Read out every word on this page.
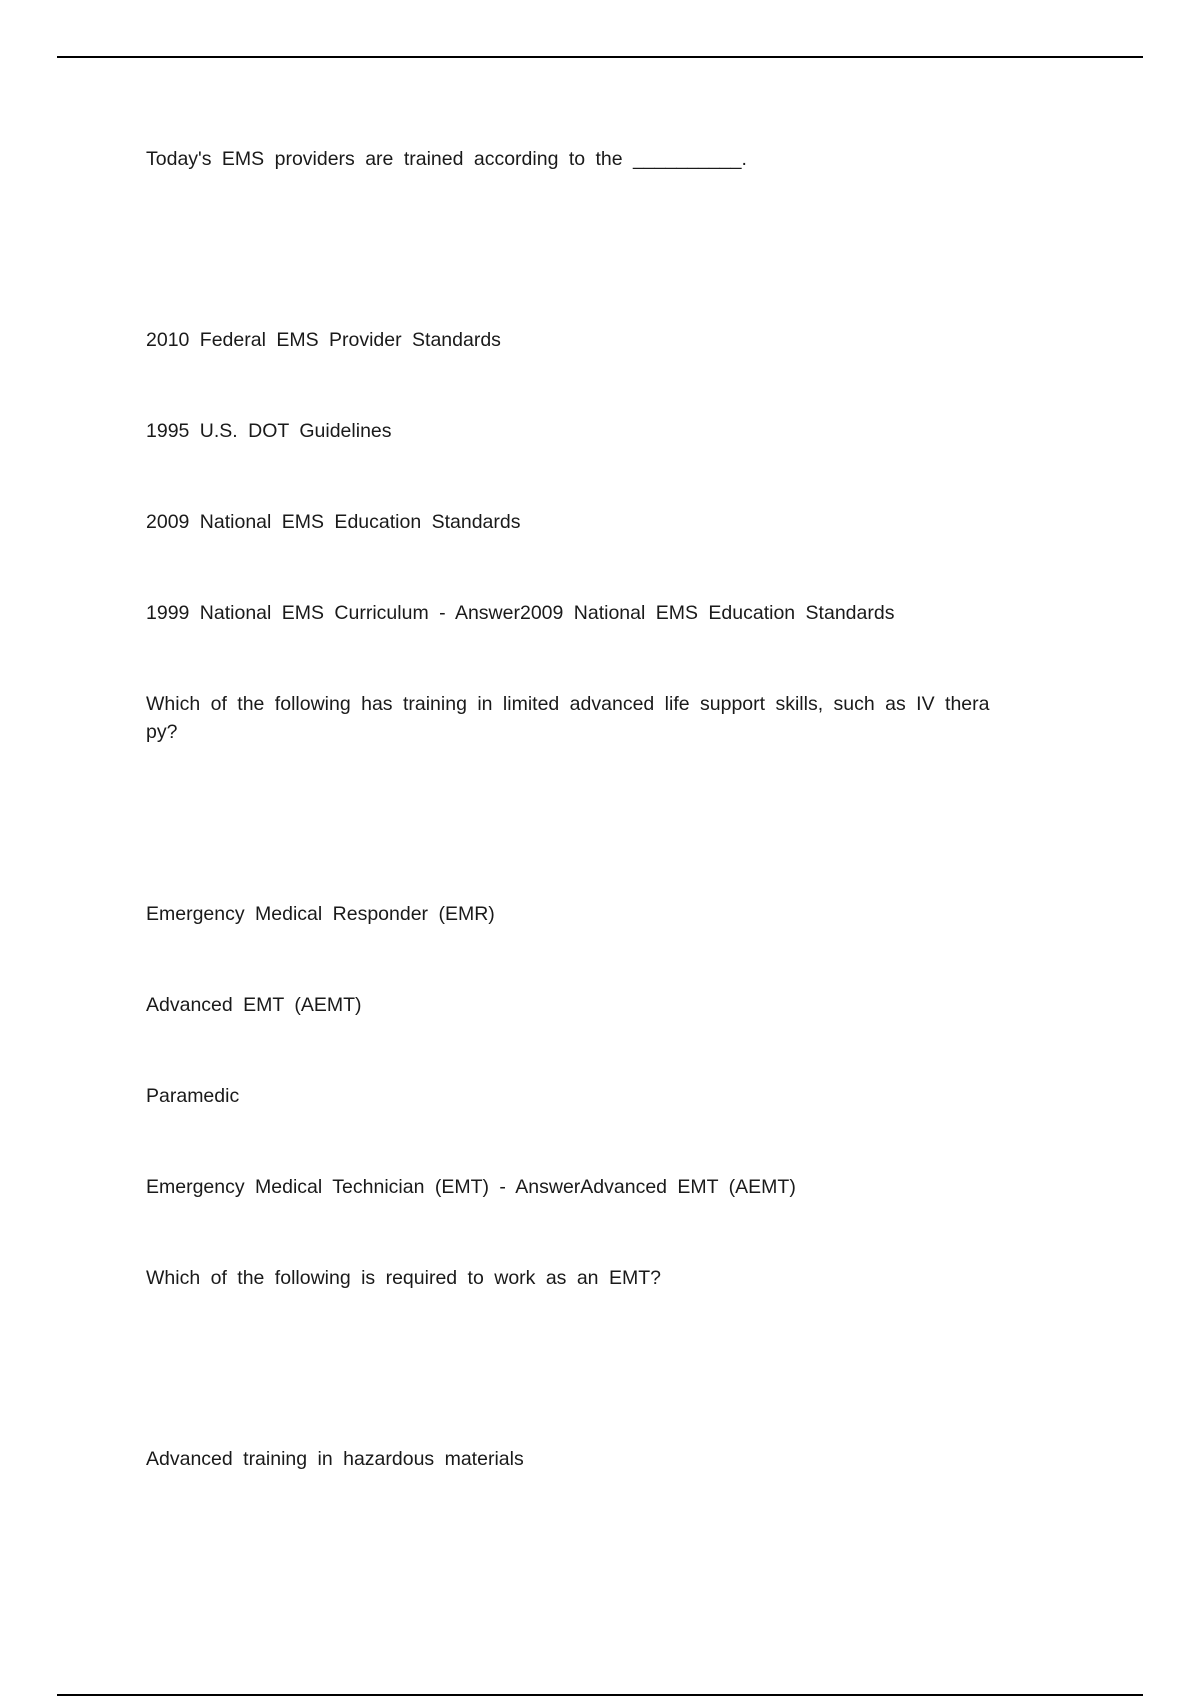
Today's EMS providers are trained according to the __________.
2010 Federal EMS Provider Standards
1995 U.S. DOT Guidelines
2009 National EMS Education Standards
1999 National EMS Curriculum - Answer2009 National EMS Education Standards
Which of the following has training in limited advanced life support skills, such as IV thera
py?
Emergency Medical Responder (EMR)
Advanced EMT (AEMT)
Paramedic
Emergency Medical Technician (EMT) - AnswerAdvanced EMT (AEMT)
Which of the following is required to work as an EMT?
Advanced training in hazardous materials
